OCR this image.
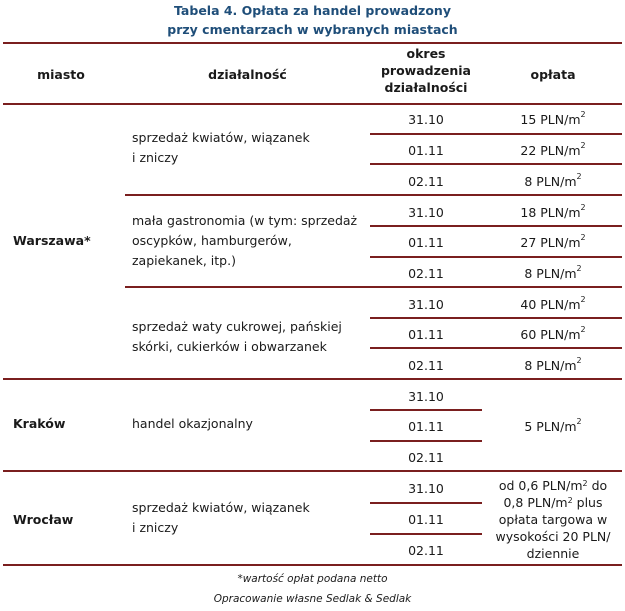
Tabela 4. Opłata za handel prowadzony
przy cmentarzach w wybranych miastach
miasto	działalność
okres
prowadzenia
działalności
opłata
Warszawa*
Kraków
Wrocław
sprzedaż kwiatów, wiązanek
i zniczy
mała gastronomia (w tym: sprzedaż
oscypków, hamburgerów,
zapiekanek, itp.)
sprzedaż waty cukrowej, pańskiej
skórki, cukierków i obwarzanek
handel okazjonalny
sprzedaż kwiatów, wiązanek
i zniczy
31.10
01.11
02.11
31.10
01.11
02.11
31.10
01.11
02.11
31.10
01.11
02.11
31.10
01.11
02.11
15 PLN/$m^2$
22 PLN/$m^2$
8 PLN/$m^2$
18 PLN/$m^2$
27 PLN/$m^2$
8 PLN/$m^2$
40 PLN/$m^2$
60 PLN/$m^2$
8 PLN/$m^2$
5 PLN/$m^2$
od 0,6 PLN/$m^2$ do
0,8 PLN/$m^2$ plus
opłata targowa w
wysokości 20 PLN/
dziennie
*wartość opłat podana netto
Opracowanie własne Sedlak & Sedlak
